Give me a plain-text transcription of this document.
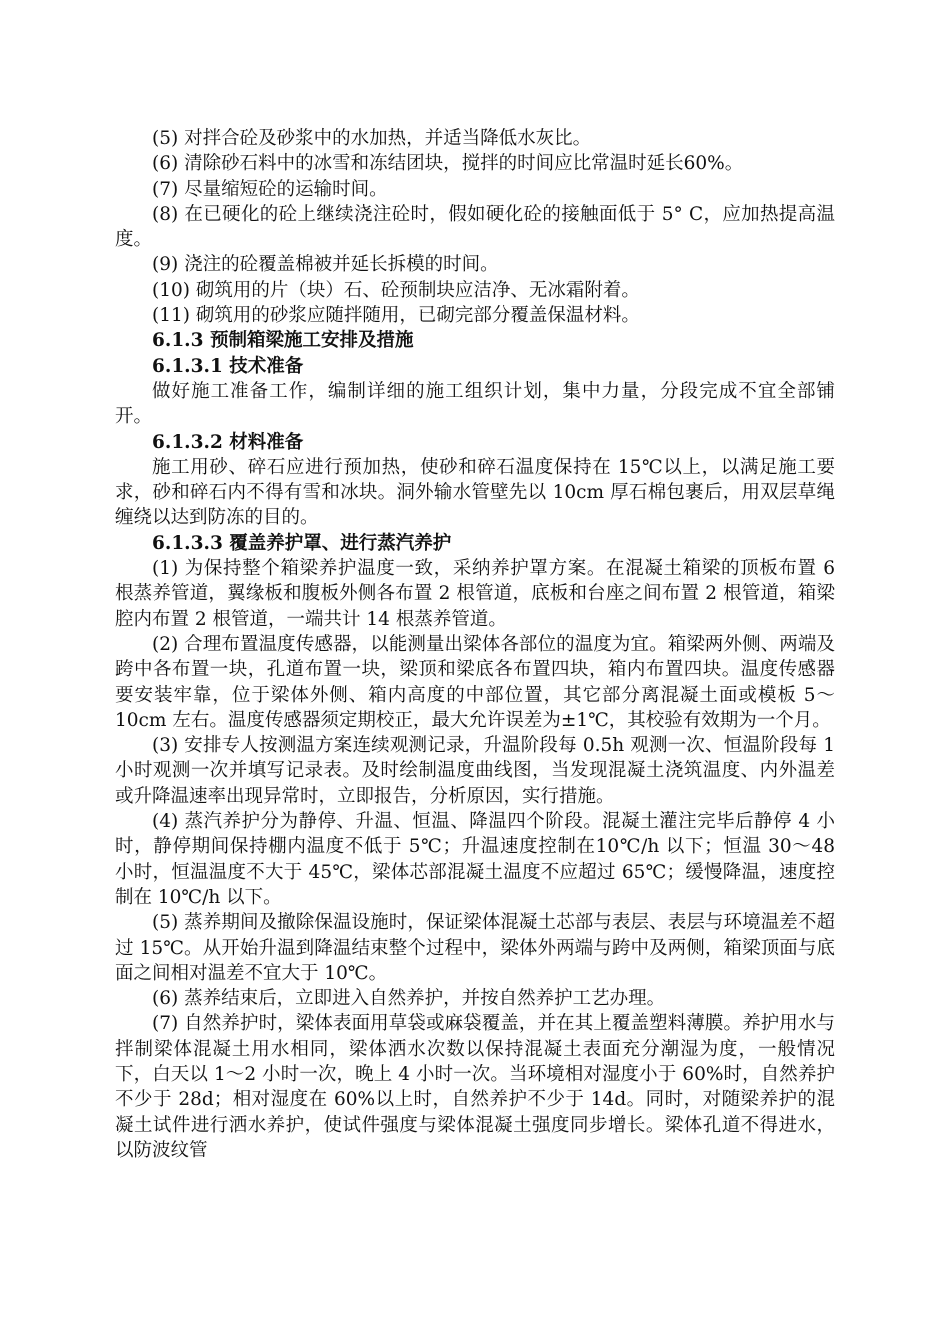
(5) 对拌合砼及砂浆中的水加热，并适当降低水灰比。

(6) 清除砂石料中的冰雪和冻结团块，搅拌的时间应比常温时延长60%。

(7) 尽量缩短砼的运输时间。

(8) 在已硬化的砼上继续浇注砼时，假如硬化砼的接触面低于 5° C，应加热提高温度。

(9) 浇注的砼覆盖棉被并延长拆模的时间。

(10) 砌筑用的片（块）石、砼预制块应洁净、无冰霜附着。

(11) 砌筑用的砂浆应随拌随用，已砌完部分覆盖保温材料。

6.1.3 预制箱梁施工安排及措施

6.1.3.1 技术准备

做好施工准备工作，编制详细的施工组织计划，集中力量，分段完成不宜全部铺开。

6.1.3.2 材料准备

施工用砂、碎石应进行预加热，使砂和碎石温度保持在 15℃以上，以满足施工要求，砂和碎石内不得有雪和冰块。洞外输水管壁先以 10cm 厚石棉包裹后，用双层草绳缠绕以达到防冻的目的。

6.1.3.3 覆盖养护罩、进行蒸汽养护

(1) 为保持整个箱梁养护温度一致，采纳养护罩方案。在混凝土箱梁的顶板布置 6 根蒸养管道，翼缘板和腹板外侧各布置 2 根管道，底板和台座之间布置 2 根管道，箱梁腔内布置 2 根管道，一端共计 14 根蒸养管道。

(2) 合理布置温度传感器，以能测量出梁体各部位的温度为宜。箱梁两外侧、两端及跨中各布置一块，孔道布置一块，梁顶和梁底各布置四块，箱内布置四块。温度传感器要安装牢靠，位于梁体外侧、箱内高度的中部位置，其它部分离混凝土面或模板 5～10cm 左右。温度传感器须定期校正，最大允许误差为±1℃，其校验有效期为一个月。

(3) 安排专人按测温方案连续观测记录，升温阶段每 0.5h 观测一次、恒温阶段每 1 小时观测一次并填写记录表。及时绘制温度曲线图，当发现混凝土浇筑温度、内外温差或升降温速率出现异常时，立即报告，分析原因，实行措施。

(4) 蒸汽养护分为静停、升温、恒温、降温四个阶段。混凝土灌注完毕后静停 4 小时，静停期间保持棚内温度不低于 5℃；升温速度控制在10℃/h 以下；恒温 30～48 小时，恒温温度不大于 45℃，梁体芯部混凝土温度不应超过 65℃；缓慢降温，速度控制在 10℃/h 以下。

(5) 蒸养期间及撤除保温设施时，保证梁体混凝土芯部与表层、表层与环境温差不超过 15℃。从开始升温到降温结束整个过程中，梁体外两端与跨中及两侧，箱梁顶面与底面之间相对温差不宜大于 10℃。

(6) 蒸养结束后，立即进入自然养护，并按自然养护工艺办理。

(7) 自然养护时，梁体表面用草袋或麻袋覆盖，并在其上覆盖塑料薄膜。养护用水与拌制梁体混凝土用水相同，梁体洒水次数以保持混凝土表面充分潮湿为度，一般情况下，白天以 1～2 小时一次，晚上 4 小时一次。当环境相对湿度小于 60%时，自然养护不少于 28d；相对湿度在 60%以上时，自然养护不少于 14d。同时，对随梁养护的混凝土试件进行洒水养护，使试件强度与梁体混凝土强度同步增长。梁体孔道不得进水，以防波纹管
